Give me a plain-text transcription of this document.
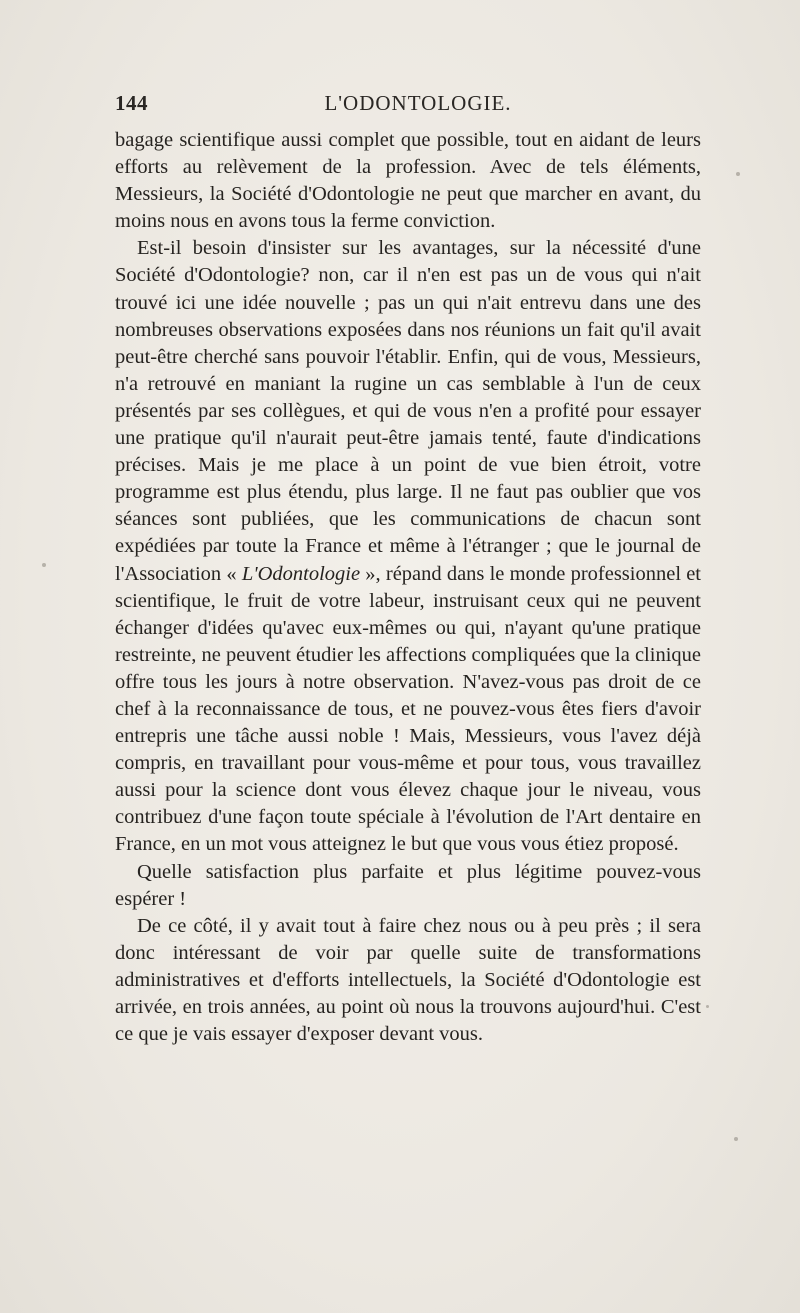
144	L'ODONTOLOGIE.

bagage scientifique aussi complet que possible, tout en aidant de leurs efforts au relèvement de la profession. Avec de tels éléments, Messieurs, la Société d'Odontologie ne peut que marcher en avant, du moins nous en avons tous la ferme conviction.

Est-il besoin d'insister sur les avantages, sur la nécessité d'une Société d'Odontologie? non, car il n'en est pas un de vous qui n'ait trouvé ici une idée nouvelle ; pas un qui n'ait entrevu dans une des nombreuses observations exposées dans nos réunions un fait qu'il avait peut-être cherché sans pouvoir l'établir. Enfin, qui de vous, Messieurs, n'a retrouvé en maniant la rugine un cas semblable à l'un de ceux présentés par ses collègues, et qui de vous n'en a profité pour essayer une pratique qu'il n'aurait peut-être jamais tenté, faute d'indications précises. Mais je me place à un point de vue bien étroit, votre programme est plus étendu, plus large. Il ne faut pas oublier que vos séances sont publiées, que les communications de chacun sont expédiées par toute la France et même à l'étranger ; que le journal de l'Association « L'Odontologie », répand dans le monde professionnel et scientifique, le fruit de votre labeur, instruisant ceux qui ne peuvent échanger d'idées qu'avec eux-mêmes ou qui, n'ayant qu'une pratique restreinte, ne peuvent étudier les affections compliquées que la clinique offre tous les jours à notre observation. N'avez-vous pas droit de ce chef à la reconnaissance de tous, et ne pouvez-vous êtes fiers d'avoir entrepris une tâche aussi noble ! Mais, Messieurs, vous l'avez déjà compris, en travaillant pour vous-même et pour tous, vous travaillez aussi pour la science dont vous élevez chaque jour le niveau, vous contribuez d'une façon toute spéciale à l'évolution de l'Art dentaire en France, en un mot vous atteignez le but que vous vous étiez proposé.

Quelle satisfaction plus parfaite et plus légitime pouvez-vous espérer !

De ce côté, il y avait tout à faire chez nous ou à peu près ; il sera donc intéressant de voir par quelle suite de transformations administratives et d'efforts intellectuels, la Société d'Odontologie est arrivée, en trois années, au point où nous la trouvons aujourd'hui. C'est ce que je vais essayer d'exposer devant vous.
